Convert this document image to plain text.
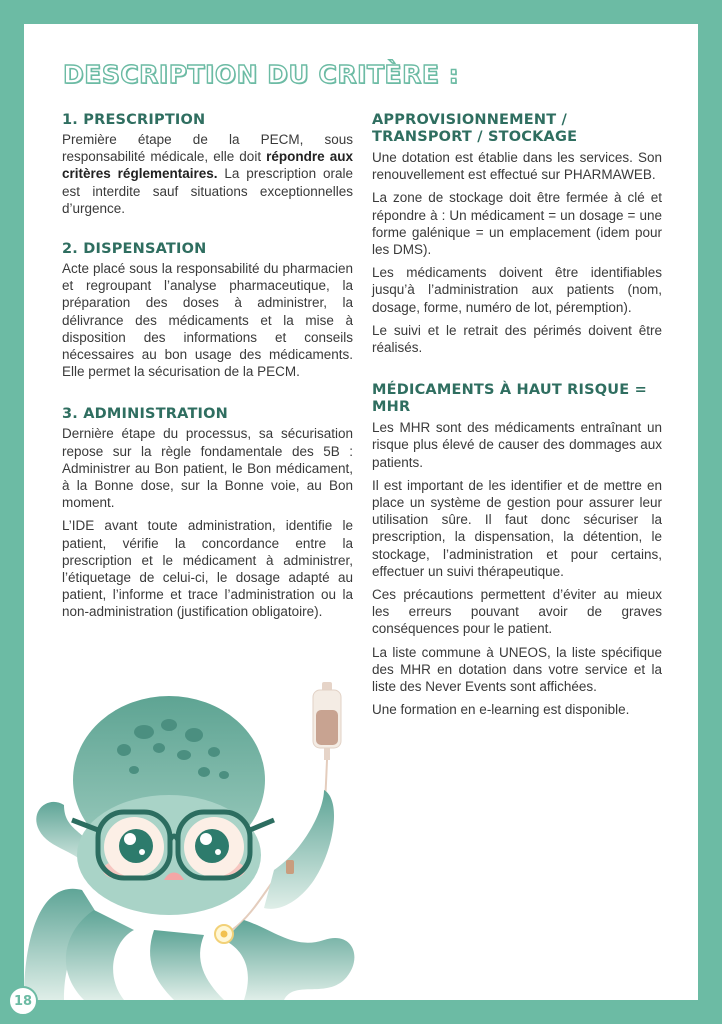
DESCRIPTION DU CRITÈRE :
1. PRESCRIPTION

Première étape de la PECM, sous responsabilité médicale, elle doit répondre aux critères réglementaires. La prescription orale est interdite sauf situations exceptionnelles d’urgence.

2. DISPENSATION

Acte placé sous la responsabilité du pharmacien et regroupant l’analyse pharmaceutique, la préparation des doses à administrer, la délivrance des médicaments et la mise à disposition des informations et conseils nécessaires au bon usage des médicaments. Elle permet la sécurisation de la PECM.

3. ADMINISTRATION

Dernière étape du processus, sa sécurisation repose sur la règle fondamentale des 5B : Administrer au Bon patient, le Bon médicament, à la Bonne dose, sur la Bonne voie, au Bon moment.

L’IDE avant toute administration, identifie le patient, vérifie la concordance entre la prescription et le médicament à administrer, l’étiquetage de celui-ci, le dosage adapté au patient, l’informe et trace l’administration ou la non-administration (justification obligatoire).

APPROVISIONNEMENT / TRANSPORT / STOCKAGE

Une dotation est établie dans les services. Son renouvellement est effectué sur PHARMAWEB.

La zone de stockage doit être fermée à clé et répondre à : Un médicament = un dosage = une forme galénique = un emplacement (idem pour les DMS).

Les médicaments doivent être identifiables jusqu’à l’administration aux patients (nom, dosage, forme, numéro de lot, péremption).

Le suivi et le retrait des périmés doivent être réalisés.

MÉDICAMENTS À HAUT RISQUE = MHR

Les MHR sont des médicaments entraînant un risque plus élevé de causer des dommages aux patients.

Il est important de les identifier et de mettre en place un système de gestion pour assurer leur utilisation sûre. Il faut donc sécuriser la prescription, la dispensation, la détention, le stockage, l’administration et pour certains, effectuer un suivi thérapeutique.

Ces précautions permettent d’éviter au mieux les erreurs pouvant avoir de graves conséquences pour le patient.

La liste commune à UNEOS, la liste spécifique des MHR en dotation dans votre service et la liste des Never Events sont affichées.

Une formation en e-learning est disponible.

18
